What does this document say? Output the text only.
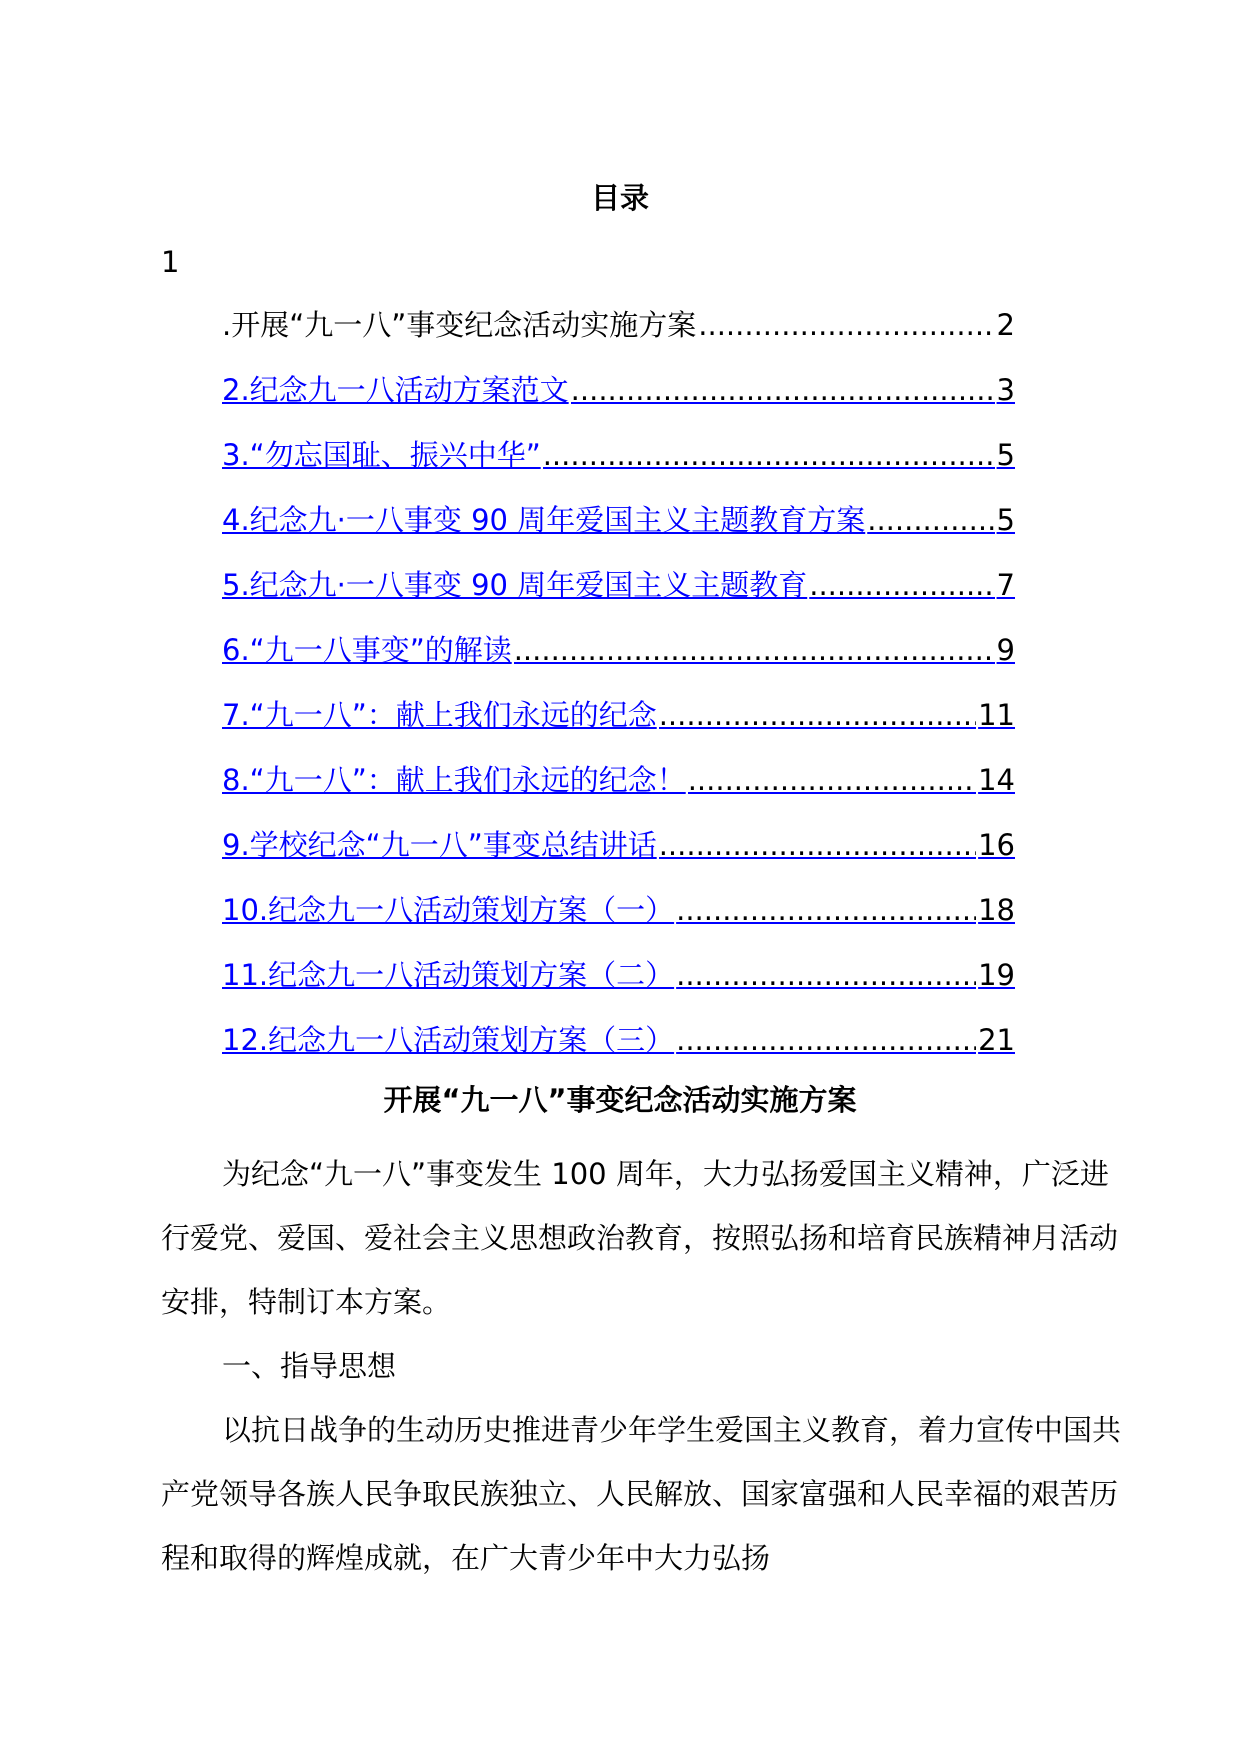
目录
1
.开展“九一八”事变纪念活动实施方案 .....	2
2.纪念九一八活动方案范文 .....	3
3.“勿忘国耻、振兴中华” .....	5
4.纪念九·一八事变 90 周年爱国主义主题教育方案 .....	5
5.纪念九·一八事变 90 周年爱国主义主题教育 .....	7
6.“九一八事变”的解读 .....	9
7.“九一八”：献上我们永远的纪念 .....	11
8.“九一八”：献上我们永远的纪念！ .....	14
9.学校纪念“九一八”事变总结讲话 .....	16
10.纪念九一八活动策划方案（一） .....	18
11.纪念九一八活动策划方案（二） .....	19
12.纪念九一八活动策划方案（三） .....	21
开展“九一八”事变纪念活动实施方案

为纪念“九一八”事变发生 100 周年，大力弘扬爱国主义精神，广泛进行爱党、爱国、爱社会主义思想政治教育，按照弘扬和培育民族精神月活动安排，特制订本方案。

一、指导思想

以抗日战争的生动历史推进青少年学生爱国主义教育，着力宣传中国共产党领导各族人民争取民族独立、人民解放、国家富强和人民幸福的艰苦历程和取得的辉煌成就，在广大青少年中大力弘扬
